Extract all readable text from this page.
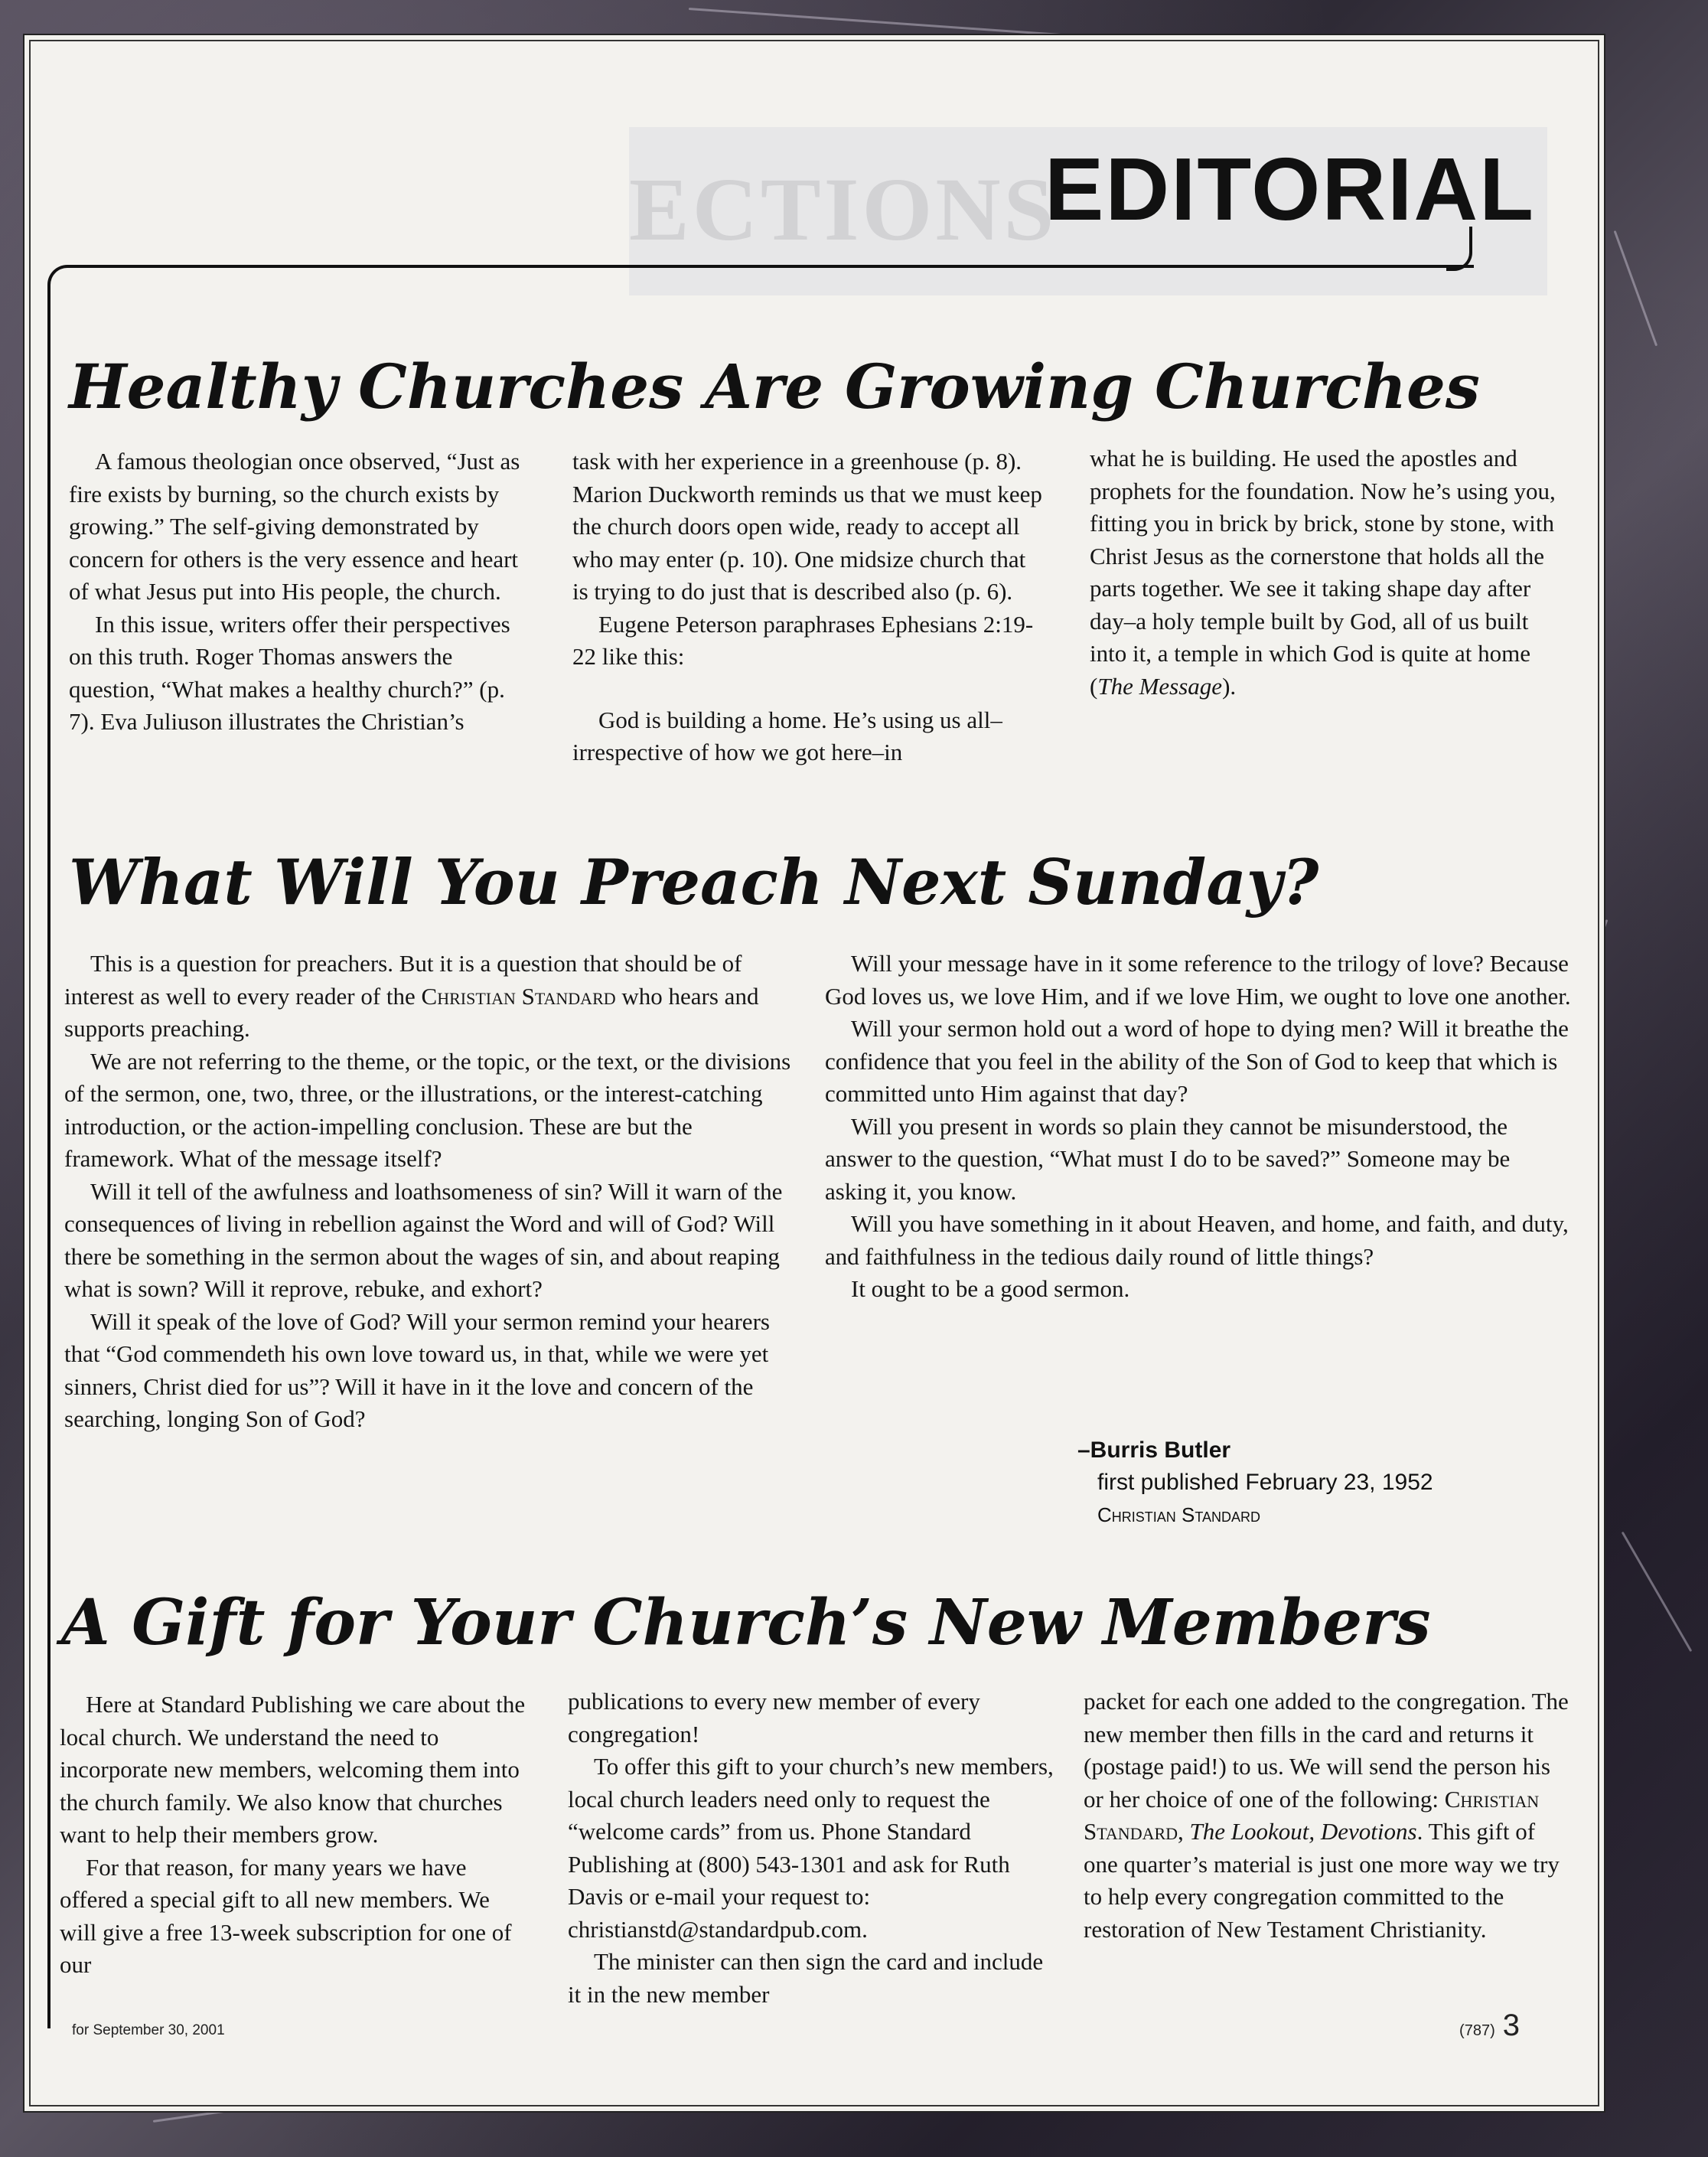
ECTIONS
EDITORIAL
Healthy Churches Are Growing Churches

A famous theologian once observed, “Just as fire exists by burning, so the church exists by growing.” The self-giving demonstrated by concern for others is the very essence and heart of what Jesus put into His people, the church.

In this issue, writers offer their perspectives on this truth. Roger Thomas answers the question, “What makes a healthy church?” (p. 7). Eva Juliuson illustrates the Christian’s

task with her experience in a greenhouse (p. 8). Marion Duckworth reminds us that we must keep the church doors open wide, ready to accept all who may enter (p. 10). One midsize church that is trying to do just that is described also (p. 6).

Eugene Peterson paraphrases Ephesians 2:19-22 like this:

God is building a home. He’s using us all–irrespective of how we got here–in

what he is building. He used the apostles and prophets for the foundation. Now he’s using you, fitting you in brick by brick, stone by stone, with Christ Jesus as the cornerstone that holds all the parts together. We see it taking shape day after day–a holy temple built by God, all of us built into it, a temple in which God is quite at home (The Message).

What Will You Preach Next Sunday?

This is a question for preachers. But it is a question that should be of interest as well to every reader of the Christian Standard who hears and supports preaching.

We are not referring to the theme, or the topic, or the text, or the divisions of the sermon, one, two, three, or the illustrations, or the interest-catching introduction, or the action-impelling conclusion. These are but the framework. What of the message itself?

Will it tell of the awfulness and loathsomeness of sin? Will it warn of the consequences of living in rebellion against the Word and will of God? Will there be something in the sermon about the wages of sin, and about reaping what is sown? Will it reprove, rebuke, and exhort?

Will it speak of the love of God? Will your sermon remind your hearers that “God commendeth his own love toward us, in that, while we were yet sinners, Christ died for us”? Will it have in it the love and concern of the searching, longing Son of God?

Will your message have in it some reference to the trilogy of love? Because God loves us, we love Him, and if we love Him, we ought to love one another.

Will your sermon hold out a word of hope to dying men? Will it breathe the confidence that you feel in the ability of the Son of God to keep that which is committed unto Him against that day?

Will you present in words so plain they cannot be misunderstood, the answer to the question, “What must I do to be saved?” Someone may be asking it, you know.

Will you have something in it about Heaven, and home, and faith, and duty, and faithfulness in the tedious daily round of little things?

It ought to be a good sermon.

–Burris Butler
first published February 23, 1952
Christian Standard
A Gift for Your Church’s New Members

Here at Standard Publishing we care about the local church. We understand the need to incorporate new members, welcoming them into the church family. We also know that churches want to help their members grow.

For that reason, for many years we have offered a special gift to all new members. We will give a free 13-week subscription for one of our

publications to every new member of every congregation!

To offer this gift to your church’s new members, local church leaders need only to request the “welcome cards” from us. Phone Standard Publishing at (800) 543-1301 and ask for Ruth Davis or e-mail your request to: christianstd@standardpub.com.

The minister can then sign the card and include it in the new member

packet for each one added to the congregation. The new member then fills in the card and returns it (postage paid!) to us. We will send the person his or her choice of one of the following: Christian Standard, The Lookout, Devotions. This gift of one quarter’s material is just one more way we try to help every congregation committed to the restoration of New Testament Christianity.

for September 30, 2001	(787) 3
